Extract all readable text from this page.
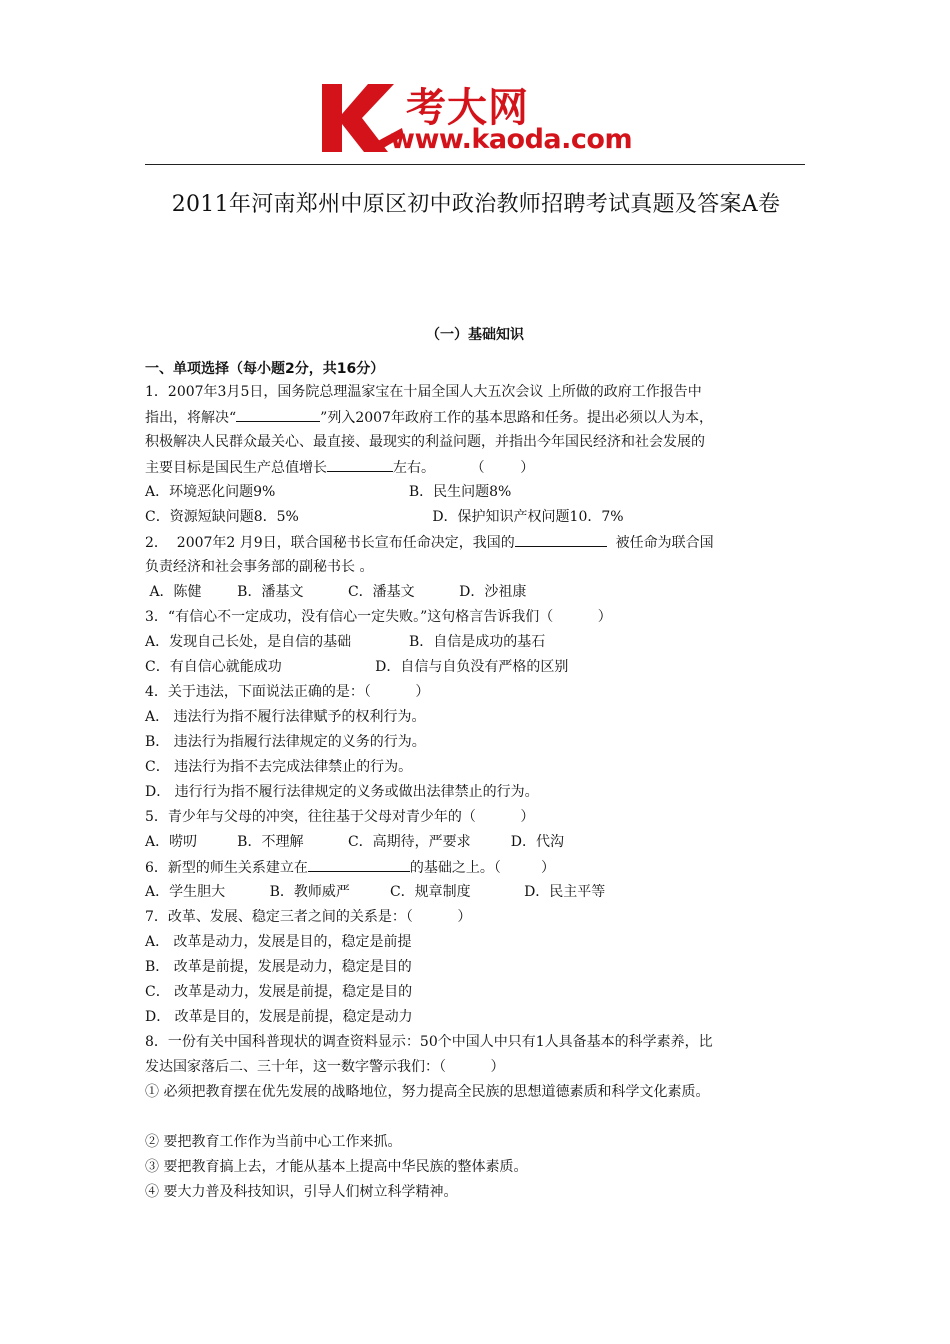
考大网
www.kaoda.com
2011年河南郑州中原区初中政治教师招聘考试真题及答案A卷
（一）基础知识
一、单项选择（每小题2分，共16分）
1．2007年3月5日，国务院总理温家宝在十届全国人大五次会议 上所做的政府工作报告中
指出，将解决“	”列入2007年政府工作的基本思路和任务。提出必须以人为本，
积极解决人民群众最关心、最直接、最现实的利益问题，并指出今年国民经济和社会发展的
主要目标是国民生产总值增长	左右。        （        ）
A．环境恶化问题9%                              B．民生问题8%
C．资源短缺问题8．5%                              D．保护知识产权问题10．7%
2．  2007年2 月9日，联合国秘书长宣布任命决定，我国的	被任命为联合国
负责经济和社会事务部的副秘书长 。
A．陈健        B．潘基文          C．潘基文          D．沙祖康
3．“有信心不一定成功，没有信心一定失败。”这句格言告诉我们（          ）
A．发现自己长处，是自信的基础             B．自信是成功的基石
C．有自信心就能成功                     D．自信与自负没有严格的区别
4．关于违法，下面说法正确的是：（          ）
A． 违法行为指不履行法律赋予的权利行为。
B． 违法行为指履行法律规定的义务的行为。
C． 违法行为指不去完成法律禁止的行为。
D． 违行行为指不履行法律规定的义务或做出法律禁止的行为。
5．青少年与父母的冲突，往往基于父母对青少年的（          ）
A．唠叨         B．不理解          C．高期待，严要求         D．代沟
6．新型的师生关系建立在	的基础之上。（         ）
A．学生胆大          B．教师威严         C．规章制度            D．民主平等
7．改革、发展、稳定三者之间的关系是：（          ）
A． 改革是动力，发展是目的，稳定是前提
B． 改革是前提，发展是动力，稳定是目的
C． 改革是动力，发展是前提，稳定是目的
D． 改革是目的，发展是前提，稳定是动力
8．一份有关中国科普现状的调查资料显示：50个中国人中只有1人具备基本的科学素养，比
发达国家落后二、三十年，这一数字警示我们：（          ）
① 必须把教育摆在优先发展的战略地位，努力提高全民族的思想道德素质和科学文化素质。
② 要把教育工作作为当前中心工作来抓。
③ 要把教育搞上去，才能从基本上提高中华民族的整体素质。
④ 要大力普及科技知识，引导人们树立科学精神。
